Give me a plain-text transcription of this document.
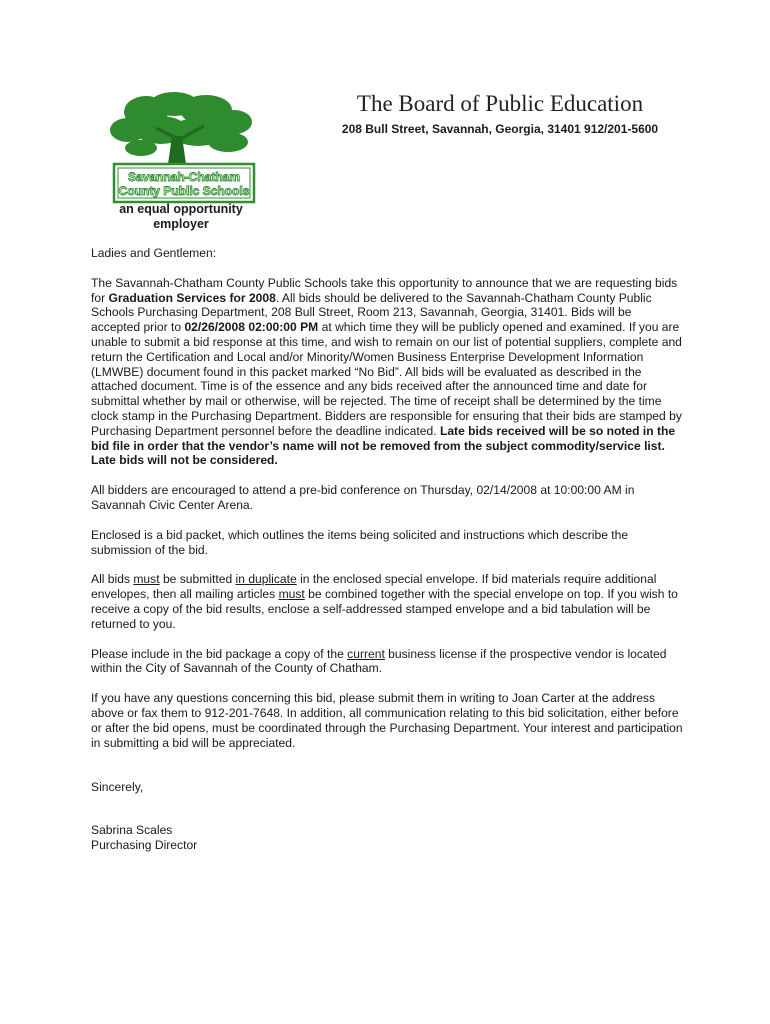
Savannah-Chatham
County Public Schools
an equal opportunity employer
The Board of Public Education
208 Bull Street, Savannah, Georgia, 31401 912/201-5600

Ladies and Gentlemen:

The Savannah-Chatham County Public Schools take this opportunity to announce that we are requesting bids for Graduation Services for 2008. All bids should be delivered to the Savannah-Chatham County Public Schools Purchasing Department, 208 Bull Street, Room 213, Savannah, Georgia, 31401. Bids will be accepted prior to 02/26/2008 02:00:00 PM at which time they will be publicly opened and examined. If you are unable to submit a bid response at this time, and wish to remain on our list of potential suppliers, complete and return the Certification and Local and/or Minority/Women Business Enterprise Development Information (LMWBE) document found in this packet marked “No Bid”. All bids will be evaluated as described in the attached document. Time is of the essence and any bids received after the announced time and date for submittal whether by mail or otherwise, will be rejected. The time of receipt shall be determined by the time clock stamp in the Purchasing Department. Bidders are responsible for ensuring that their bids are stamped by Purchasing Department personnel before the deadline indicated. Late bids received will be so noted in the bid file in order that the vendor’s name will not be removed from the subject commodity/service list. Late bids will not be considered.

All bidders are encouraged to attend a pre-bid conference on Thursday, 02/14/2008 at 10:00:00 AM in Savannah Civic Center Arena.

Enclosed is a bid packet, which outlines the items being solicited and instructions which describe the submission of the bid.

All bids must be submitted in duplicate in the enclosed special envelope. If bid materials require additional envelopes, then all mailing articles must be combined together with the special envelope on top. If you wish to receive a copy of the bid results, enclose a self-addressed stamped envelope and a bid tabulation will be returned to you.

Please include in the bid package a copy of the current business license if the prospective vendor is located within the City of Savannah of the County of Chatham.

If you have any questions concerning this bid, please submit them in writing to Joan Carter at the address above or fax them to 912-201-7648. In addition, all communication relating to this bid solicitation, either before or after the bid opens, must be coordinated through the Purchasing Department. Your interest and participation in submitting a bid will be appreciated.

Sincerely,

Sabrina Scales
Purchasing Director
